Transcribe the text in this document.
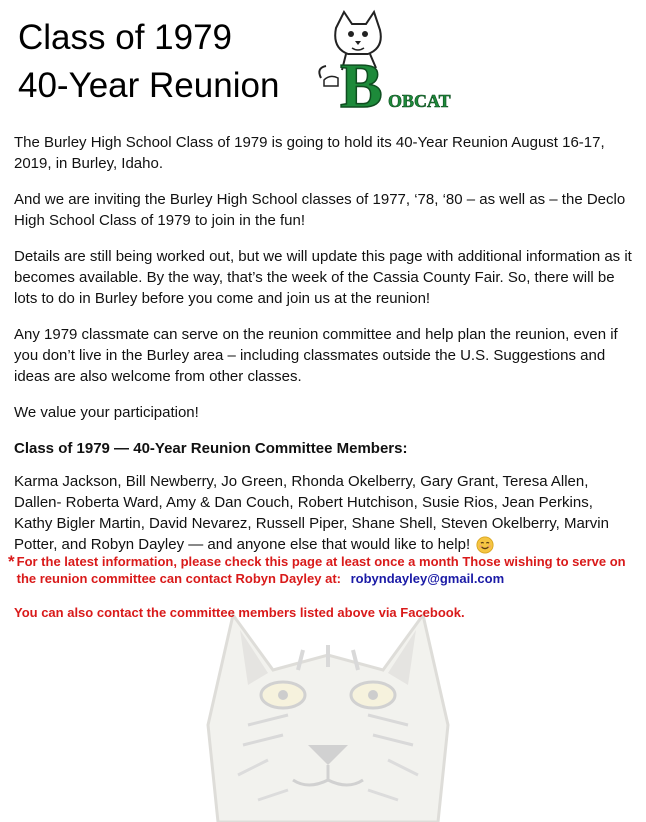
Class of 1979
40-Year Reunion B OBCAT

The Burley High School Class of 1979 is going to hold its 40-Year Reunion August 16-17, 2019, in Burley, Idaho.

And we are inviting the Burley High School classes of 1977, ‘78, ‘80 – as well as – the Declo High School Class of 1979 to join in the fun!

Details are still being worked out, but we will update this page with additional information as it becomes available. By the way, that’s the week of the Cassia County Fair. So, there will be lots to do in Burley before you come and join us at the reunion!

Any 1979 classmate can serve on the reunion committee and help plan the reunion, even if you don’t live in the Burley area – including classmates outside the U.S. Suggestions and ideas are also welcome from other classes.

We value your participation!

Class of 1979 — 40-Year Reunion Committee Members:

Karma Jackson, Bill Newberry, Jo Green, Rhonda Okelberry, Gary Grant, Teresa Allen, Dallen- Roberta Ward, Amy & Dan Couch, Robert Hutchison, Susie Rios, Jean Perkins, Kathy Bigler Martin, David Nevarez, Russell Piper, Shane Shell, Steven Okelberry, Marvin Potter, and Robyn Dayley — and anyone else that would like to help!

* For the latest information, please check this page at least once a month Those wishing to serve on the reunion committee can contact Robyn Dayley at: robyndayley@gmail.com
You can also contact the committee members listed above via Facebook.
